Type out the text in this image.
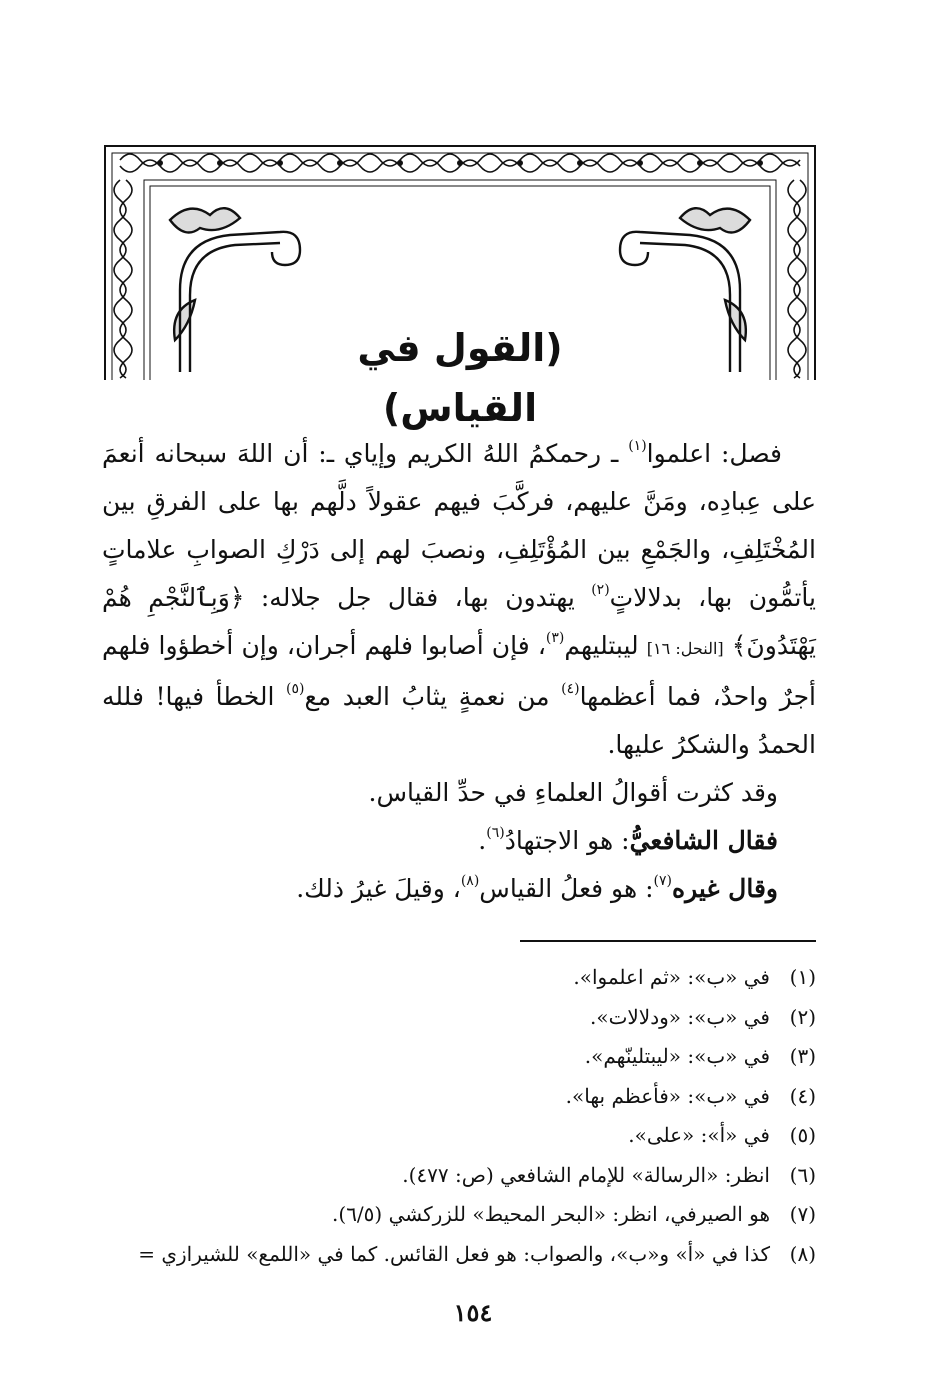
(القول في القياس)

فصل: اعلموا$^{(١)}$ ـ رحمكمُ اللهُ الكريم وإياي ـ: أن اللهَ سبحانه أنعمَ على عِبادِه، ومَنَّ عليهم، فركَّبَ فيهم عقولاً دلَّهم بها على الفرقِ بين المُخْتَلِفِ، والجَمْعِ بين المُؤْتَلِفِ، ونصبَ لهم إلى دَرْكِ الصوابِ علاماتٍ يأتمُّون بها، بدلالاتٍ$^{(٢)}$ يهتدون بها، فقال جل جلاله: ﴿وَبِٱلنَّجْمِ هُمْ يَهْتَدُونَ﴾ [النحل: ١٦] ليبتليهم$^{(٣)}$، فإن أصابوا فلهم أجران، وإن أخطؤوا فلهم أجرٌ واحدٌ، فما أعظمها$^{(٤)}$ من نعمةٍ يثابُ العبد مع$^{(٥)}$ الخطأ فيها! فلله الحمدُ والشكرُ عليها.

وقد كثرت أقوالُ العلماءِ في حدِّ القياس.

فقال الشافعيُّ: هو الاجتهادُ$^{(٦)}$.

وقال غيره$^{(٧)}$: هو فعلُ القياس$^{(٨)}$، وقيلَ غيرُ ذلك.

(١)
في «ب»: «ثم اعلموا».
(٢)
في «ب»: «ودلالات».
(٣)
في «ب»: «ليبتلينّهم».
(٤)
في «ب»: «فأعظم بها».
(٥)
في «أ»: «على».
(٦)
انظر: «الرسالة» للإمام الشافعي (ص: ٤٧٧).
(٧)
هو الصيرفي، انظر: «البحر المحيط» للزركشي (٦/٥).
(٨)
كذا في «أ» و«ب»، والصواب: هو فعل القائس. كما في «اللمع» للشيرازي =
١٥٤
